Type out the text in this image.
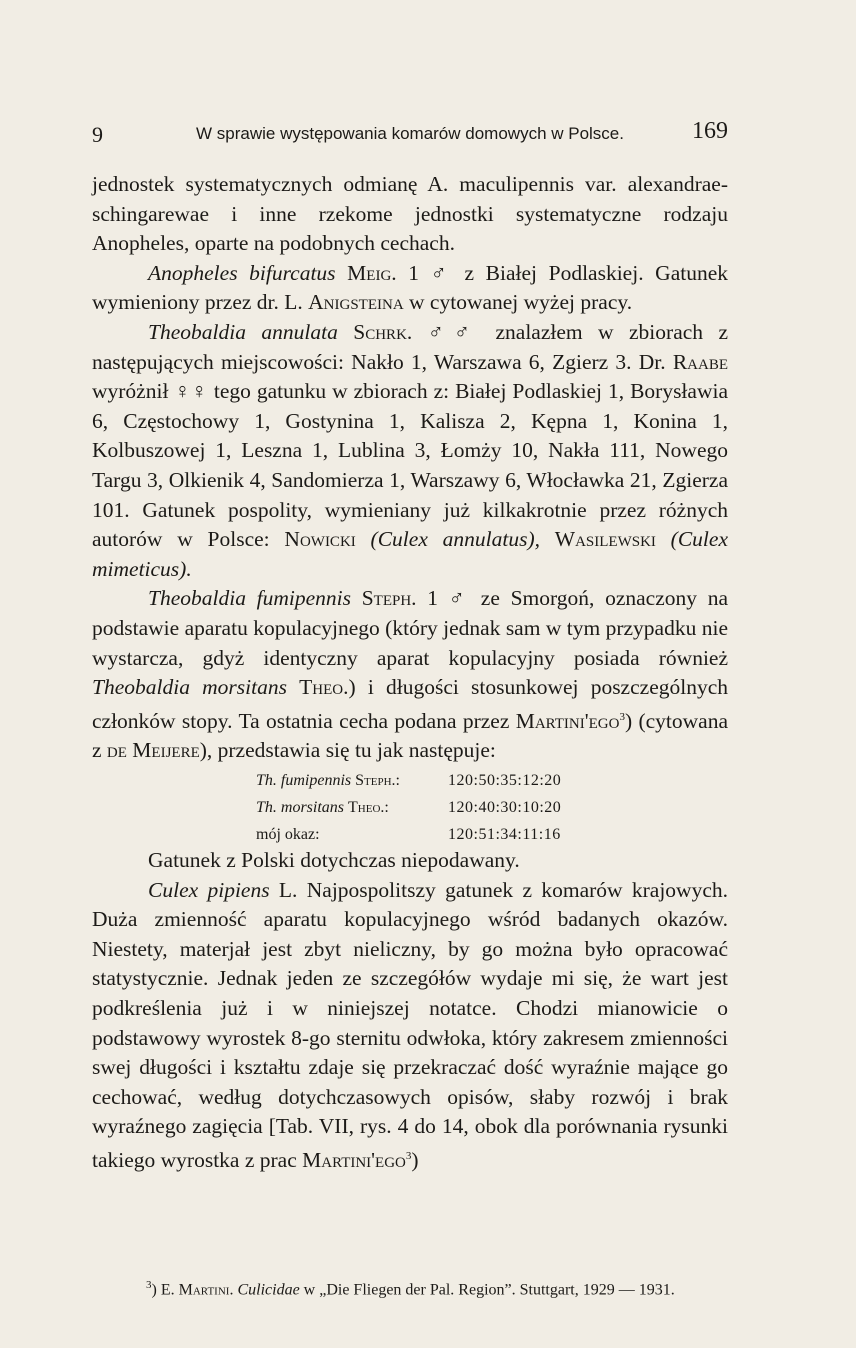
9	W sprawie występowania komarów domowych w Polsce.	169

jednostek systematycznych odmianę A. maculipennis var. alexandrae-schingarewae i inne rzekome jednostki systematyczne rodzaju Anopheles, oparte na podobnych cechach.

Anopheles bifurcatus Meig. 1 ♂ z Białej Podlaskiej. Gatunek wymieniony przez dr. L. Anigsteina w cytowanej wyżej pracy.

Theobaldia annulata Schrk. ♂♂ znalazłem w zbiorach z następujących miejscowości: Nakło 1, Warszawa 6, Zgierz 3. Dr. Raabe wyróżnił ♀♀ tego gatunku w zbiorach z: Białej Podlaskiej 1, Borysławia 6, Częstochowy 1, Gostynina 1, Kalisza 2, Kępna 1, Konina 1, Kolbuszowej 1, Leszna 1, Lublina 3, Łomży 10, Nakła 111, Nowego Targu 3, Olkienik 4, Sandomierza 1, Warszawy 6, Włocławka 21, Zgierza 101. Gatunek pospolity, wymieniany już kilkakrotnie przez różnych autorów w Polsce: Nowicki (Culex annulatus), Wasilewski (Culex mimeticus).

Theobaldia fumipennis Steph. 1 ♂ ze Smorgoń, oznaczony na podstawie aparatu kopulacyjnego (który jednak sam w tym przypadku nie wystarcza, gdyż identyczny aparat kopulacyjny posiada również Theobaldia morsitans Theo.) i długości stosunkowej poszczególnych członków stopy. Ta ostatnia cecha podana przez Martini'ego$^3$) (cytowana z de Meijere), przedstawia się tu jak następuje:

Th. fumipennis Steph.:	120:50:35:12:20
Th. morsitans Theo.:	120:40:30:10:20
mój okaz:	120:51:34:11:16

Gatunek z Polski dotychczas niepodawany.

Culex pipiens L. Najpospolitszy gatunek z komarów krajowych. Duża zmienność aparatu kopulacyjnego wśród badanych okazów. Niestety, materjał jest zbyt nieliczny, by go można było opracować statystycznie. Jednak jeden ze szczegółów wydaje mi się, że wart jest podkreślenia już i w niniejszej notatce. Chodzi mianowicie o podstawowy wyrostek 8-go sternitu odwłoka, który zakresem zmienności swej długości i kształtu zdaje się przekraczać dość wyraźnie mające go cechować, według dotychczasowych opisów, słaby rozwój i brak wyraźnego zagięcia [Tab. VII, rys. 4 do 14, obok dla porównania rysunki takiego wyrostka z prac Martini'ego$^3$)

$^3$) E. Martini. Culicidae w „Die Fliegen der Pal. Region”. Stuttgart, 1929 — 1931.
